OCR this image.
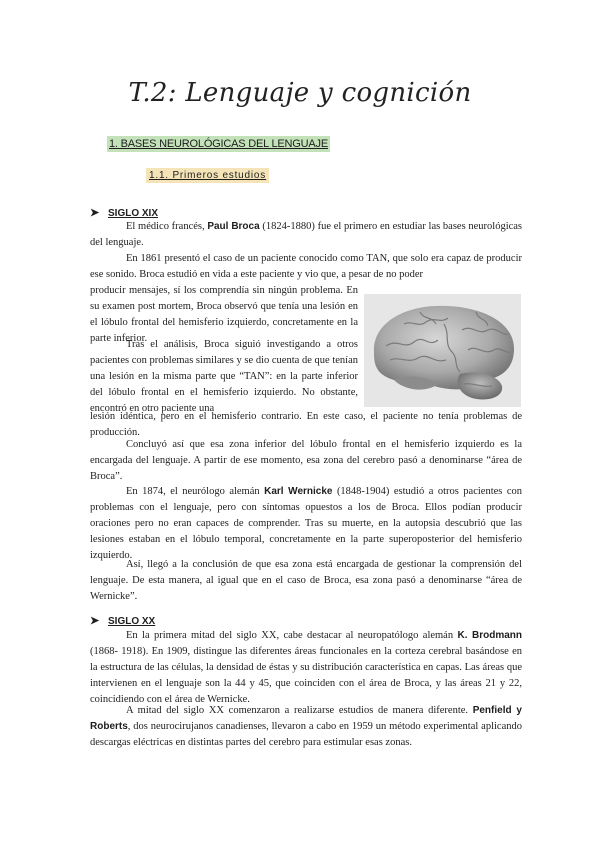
T.2: Lenguaje y cognición
1. BASES NEUROLÓGICAS DEL LENGUAJE
1.1. Primeros estudios
➤ SIGLO XIX

El médico francés, Paul Broca (1824-1880) fue el primero en estudiar las bases neurológicas del lenguaje.

En 1861 presentó el caso de un paciente conocido como TAN, que solo era capaz de producir ese sonido. Broca estudió en vida a este paciente y vio que, a pesar de no poder

producir mensajes, sí los comprendía sin ningún problema. En su examen post mortem, Broca observó que tenía una lesión en el lóbulo frontal del hemisferio izquierdo, concretamente en la parte inferior.

Tras el análisis, Broca siguió investigando a otros pacientes con problemas similares y se dio cuenta de que tenían una lesión en la misma parte que “TAN”: en la parte inferior del lóbulo frontal en el hemisferio izquierdo. No obstante, encontró en otro paciente una

lesión idéntica, pero en el hemisferio contrario. En este caso, el paciente no tenía problemas de producción.

Concluyó así que esa zona inferior del lóbulo frontal en el hemisferio izquierdo es la encargada del lenguaje. A partir de ese momento, esa zona del cerebro pasó a denominarse “área de Broca”.

En 1874, el neurólogo alemán Karl Wernicke (1848-1904) estudió a otros pacientes con problemas con el lenguaje, pero con síntomas opuestos a los de Broca. Ellos podían producir oraciones pero no eran capaces de comprender. Tras su muerte, en la autopsia descubrió que las lesiones estaban en el lóbulo temporal, concretamente en la parte superoposterior del hemisferio izquierdo.

Así, llegó a la conclusión de que esa zona está encargada de gestionar la comprensión del lenguaje. De esta manera, al igual que en el caso de Broca, esa zona pasó a denominarse “área de Wernicke”.

➤ SIGLO XX

En la primera mitad del siglo XX, cabe destacar al neuropatólogo alemán K. Brodmann (1868- 1918). En 1909, distingue las diferentes áreas funcionales en la corteza cerebral basándose en la estructura de las células, la densidad de éstas y su distribución característica en capas. Las áreas que intervienen en el lenguaje son la 44 y 45, que coinciden con el área de Broca, y las áreas 21 y 22, coincidiendo con el área de Wernicke.

A mitad del siglo XX comenzaron a realizarse estudios de manera diferente. Penfield y Roberts, dos neurocirujanos canadienses, llevaron a cabo en 1959 un método experimental aplicando descargas eléctricas en distintas partes del cerebro para estimular esas zonas.
